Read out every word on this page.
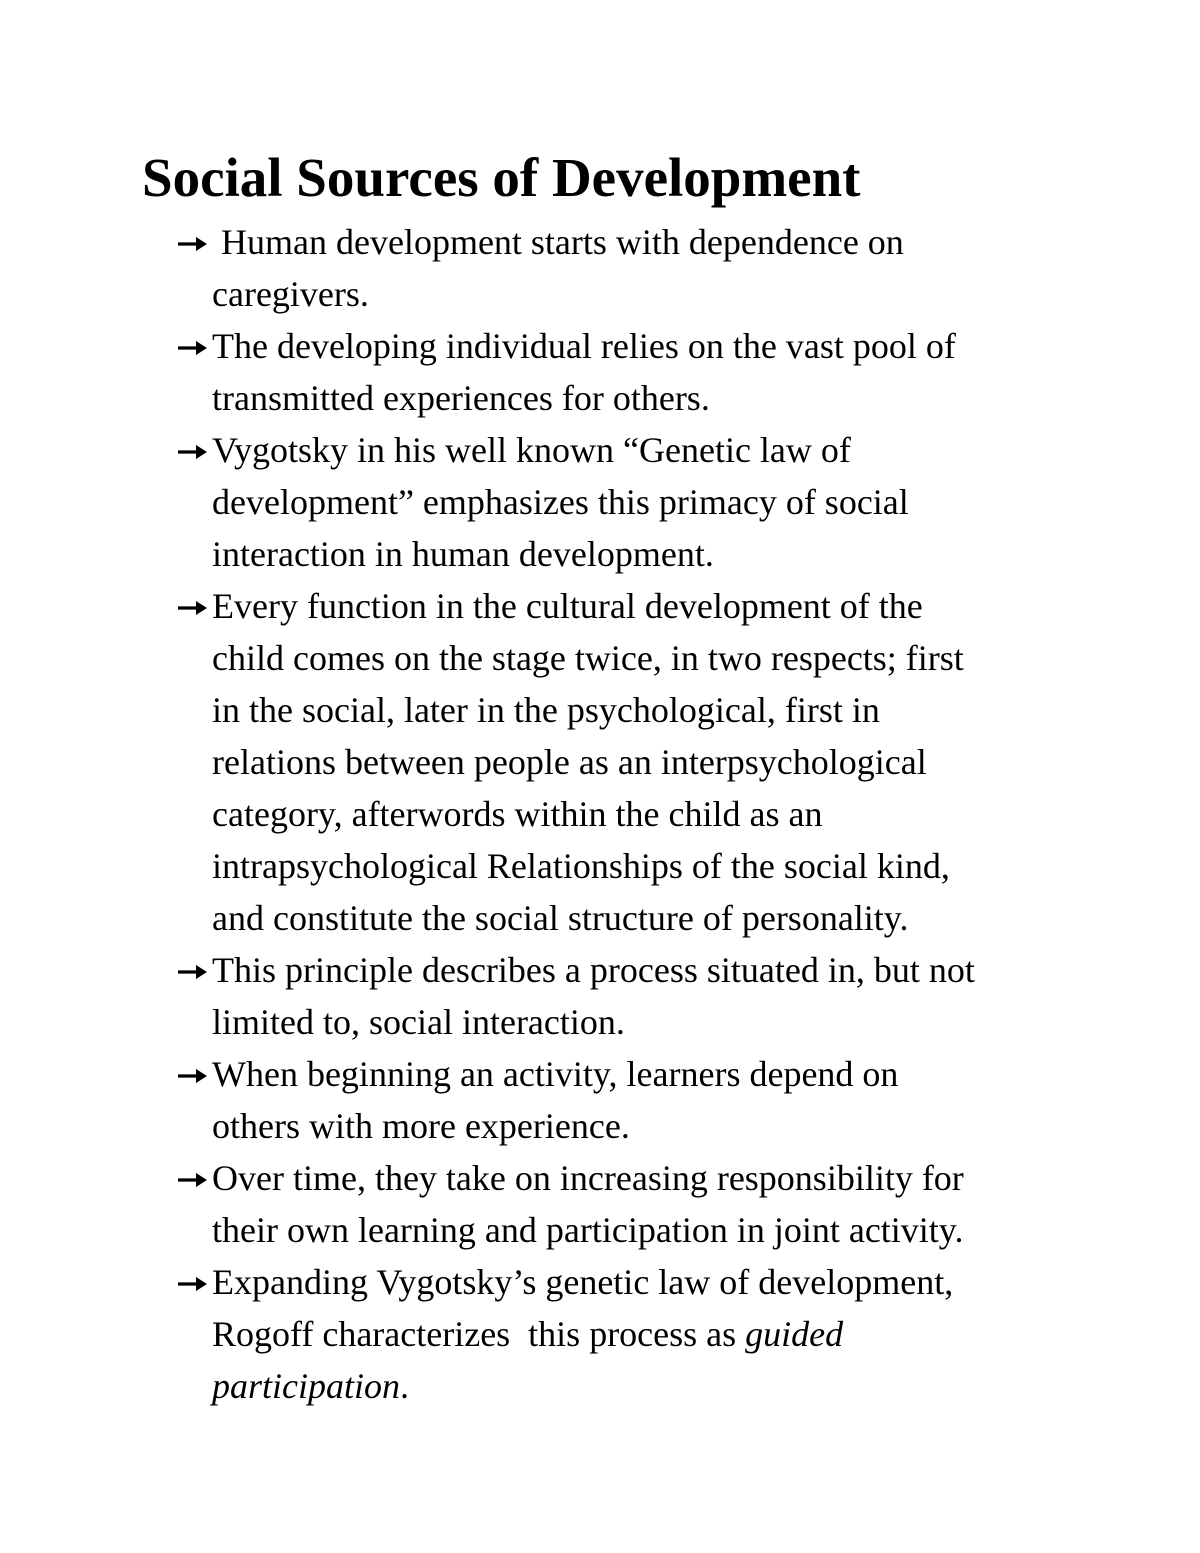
Social Sources of Development
Human development starts with dependence on
caregivers.
The developing individual relies on the vast pool of
transmitted experiences for others.
Vygotsky in his well known “Genetic law of
development” emphasizes this primacy of social
interaction in human development.
Every function in the cultural development of the
child comes on the stage twice, in two respects; first
in the social, later in the psychological, first in
relations between people as an interpsychological
category, afterwords within the child as an
intrapsychological Relationships of the social kind,
and constitute the social structure of personality.
This principle describes a process situated in, but not
limited to, social interaction.
When beginning an activity, learners depend on
others with more experience.
Over time, they take on increasing responsibility for
their own learning and participation in joint activity.
Expanding Vygotsky’s genetic law of development,
Rogoff characterizes  this process as guided
participation.
